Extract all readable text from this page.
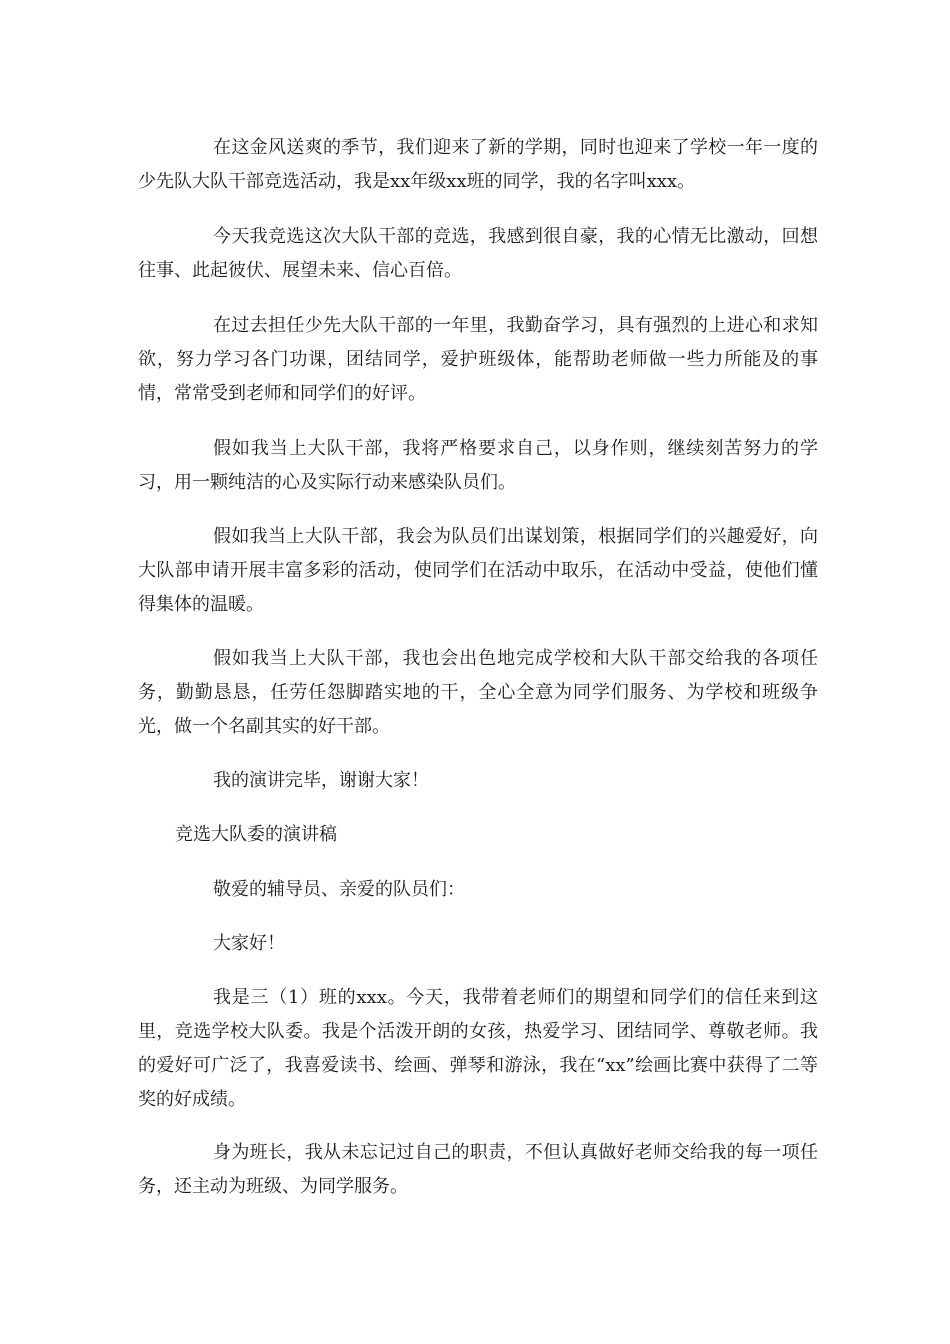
在这金风送爽的季节，我们迎来了新的学期，同时也迎来了学校一年一度的少先队大队干部竞选活动，我是xx年级xx班的同学，我的名字叫xxx。

今天我竞选这次大队干部的竞选，我感到很自豪，我的心情无比激动，回想往事、此起彼伏、展望未来、信心百倍。

在过去担任少先大队干部的一年里，我勤奋学习，具有强烈的上进心和求知欲，努力学习各门功课，团结同学，爱护班级体，能帮助老师做一些力所能及的事情，常常受到老师和同学们的好评。

假如我当上大队干部，我将严格要求自己，以身作则，继续刻苦努力的学习，用一颗纯洁的心及实际行动来感染队员们。

假如我当上大队干部，我会为队员们出谋划策，根据同学们的兴趣爱好，向大队部申请开展丰富多彩的活动，使同学们在活动中取乐，在活动中受益，使他们懂得集体的温暖。

假如我当上大队干部，我也会出色地完成学校和大队干部交给我的各项任务，勤勤恳恳，任劳任怨脚踏实地的干，全心全意为同学们服务、为学校和班级争光，做一个名副其实的好干部。

我的演讲完毕，谢谢大家！

竞选大队委的演讲稿

敬爱的辅导员、亲爱的队员们：

大家好！

我是三（1）班的xxx。今天，我带着老师们的期望和同学们的信任来到这里，竞选学校大队委。我是个活泼开朗的女孩，热爱学习、团结同学、尊敬老师。我的爱好可广泛了，我喜爱读书、绘画、弹琴和游泳，我在“xx”绘画比赛中获得了二等奖的好成绩。

身为班长，我从未忘记过自己的职责，不但认真做好老师交给我的每一项任务，还主动为班级、为同学服务。
